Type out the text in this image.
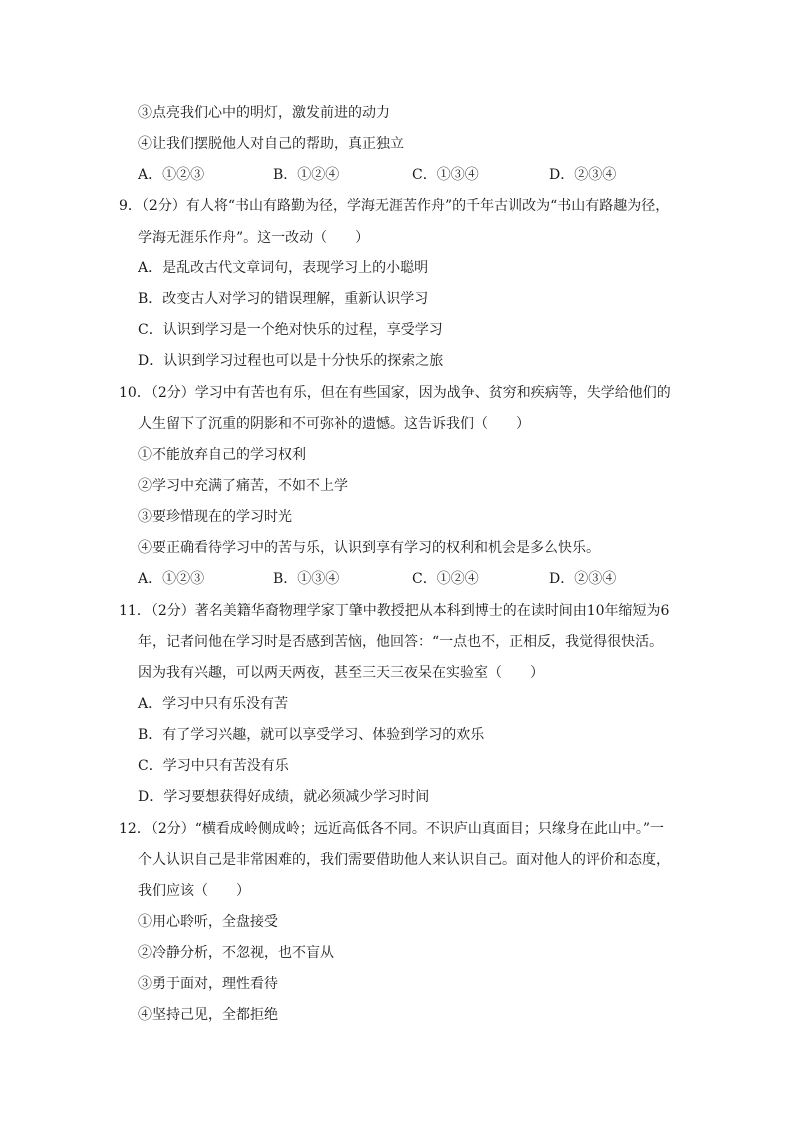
③点亮我们心中的明灯，激发前进的动力
④让我们摆脱他人对自己的帮助，真正独立
A．①②③	B．①②④	C．①③④	D．②③④
9．（2分）有人将“书山有路勤为径，学海无涯苦作舟”的千年古训改为“书山有路趣为径，
学海无涯乐作舟”。这一改动（　　）
A．是乱改古代文章词句，表现学习上的小聪明
B．改变古人对学习的错误理解，重新认识学习
C．认识到学习是一个绝对快乐的过程，享受学习
D．认识到学习过程也可以是十分快乐的探索之旅
10．（2分）学习中有苦也有乐，但在有些国家，因为战争、贫穷和疾病等，失学给他们的
人生留下了沉重的阴影和不可弥补的遗憾。这告诉我们（　　）
①不能放弃自己的学习权利
②学习中充满了痛苦，不如不上学
③要珍惜现在的学习时光
④要正确看待学习中的苦与乐，认识到享有学习的权利和机会是多么快乐。
A．①②③	B．①③④	C．①②④	D．②③④
11．（2分）著名美籍华裔物理学家丁肇中教授把从本科到博士的在读时间由10年缩短为6
年，记者问他在学习时是否感到苦恼，他回答：“一点也不，正相反，我觉得很快活。
因为我有兴趣，可以两天两夜，甚至三天三夜呆在实验室（　　）
A．学习中只有乐没有苦
B．有了学习兴趣，就可以享受学习、体验到学习的欢乐
C．学习中只有苦没有乐
D．学习要想获得好成绩，就必须减少学习时间
12．（2分）“横看成岭侧成岭；远近高低各不同。不识庐山真面目；只缘身在此山中。”一
个人认识自己是非常困难的，我们需要借助他人来认识自己。面对他人的评价和态度，
我们应该（　　）
①用心聆听，全盘接受
②冷静分析，不忽视，也不盲从
③勇于面对，理性看待
④坚持己见，全都拒绝
